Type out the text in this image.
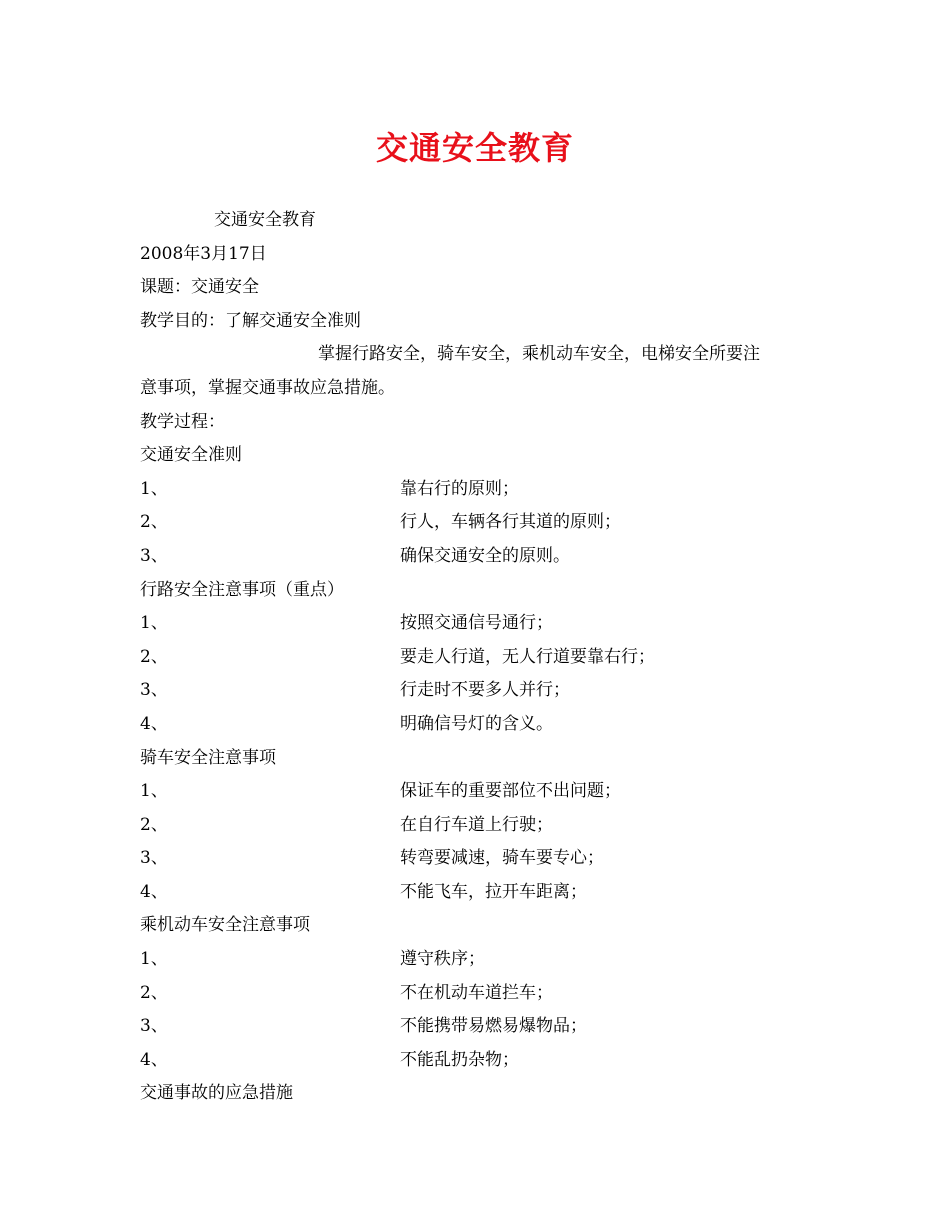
交通安全教育
交通安全教育
2008年3月17日
课题：交通安全
教学目的：了解交通安全准则
掌握行路安全，骑车安全，乘机动车安全，电梯安全所要注
意事项，掌握交通事故应急措施。
教学过程：
交通安全准则
1、	靠右行的原则；
2、	行人，车辆各行其道的原则；
3、	确保交通安全的原则。
行路安全注意事项（重点）
1、	按照交通信号通行；
2、	要走人行道，无人行道要靠右行；
3、	行走时不要多人并行；
4、	明确信号灯的含义。
骑车安全注意事项
1、	保证车的重要部位不出问题；
2、	在自行车道上行驶；
3、	转弯要减速，骑车要专心；
4、	不能飞车，拉开车距离；
乘机动车安全注意事项
1、	遵守秩序；
2、	不在机动车道拦车；
3、	不能携带易燃易爆物品；
4、	不能乱扔杂物；
交通事故的应急措施
